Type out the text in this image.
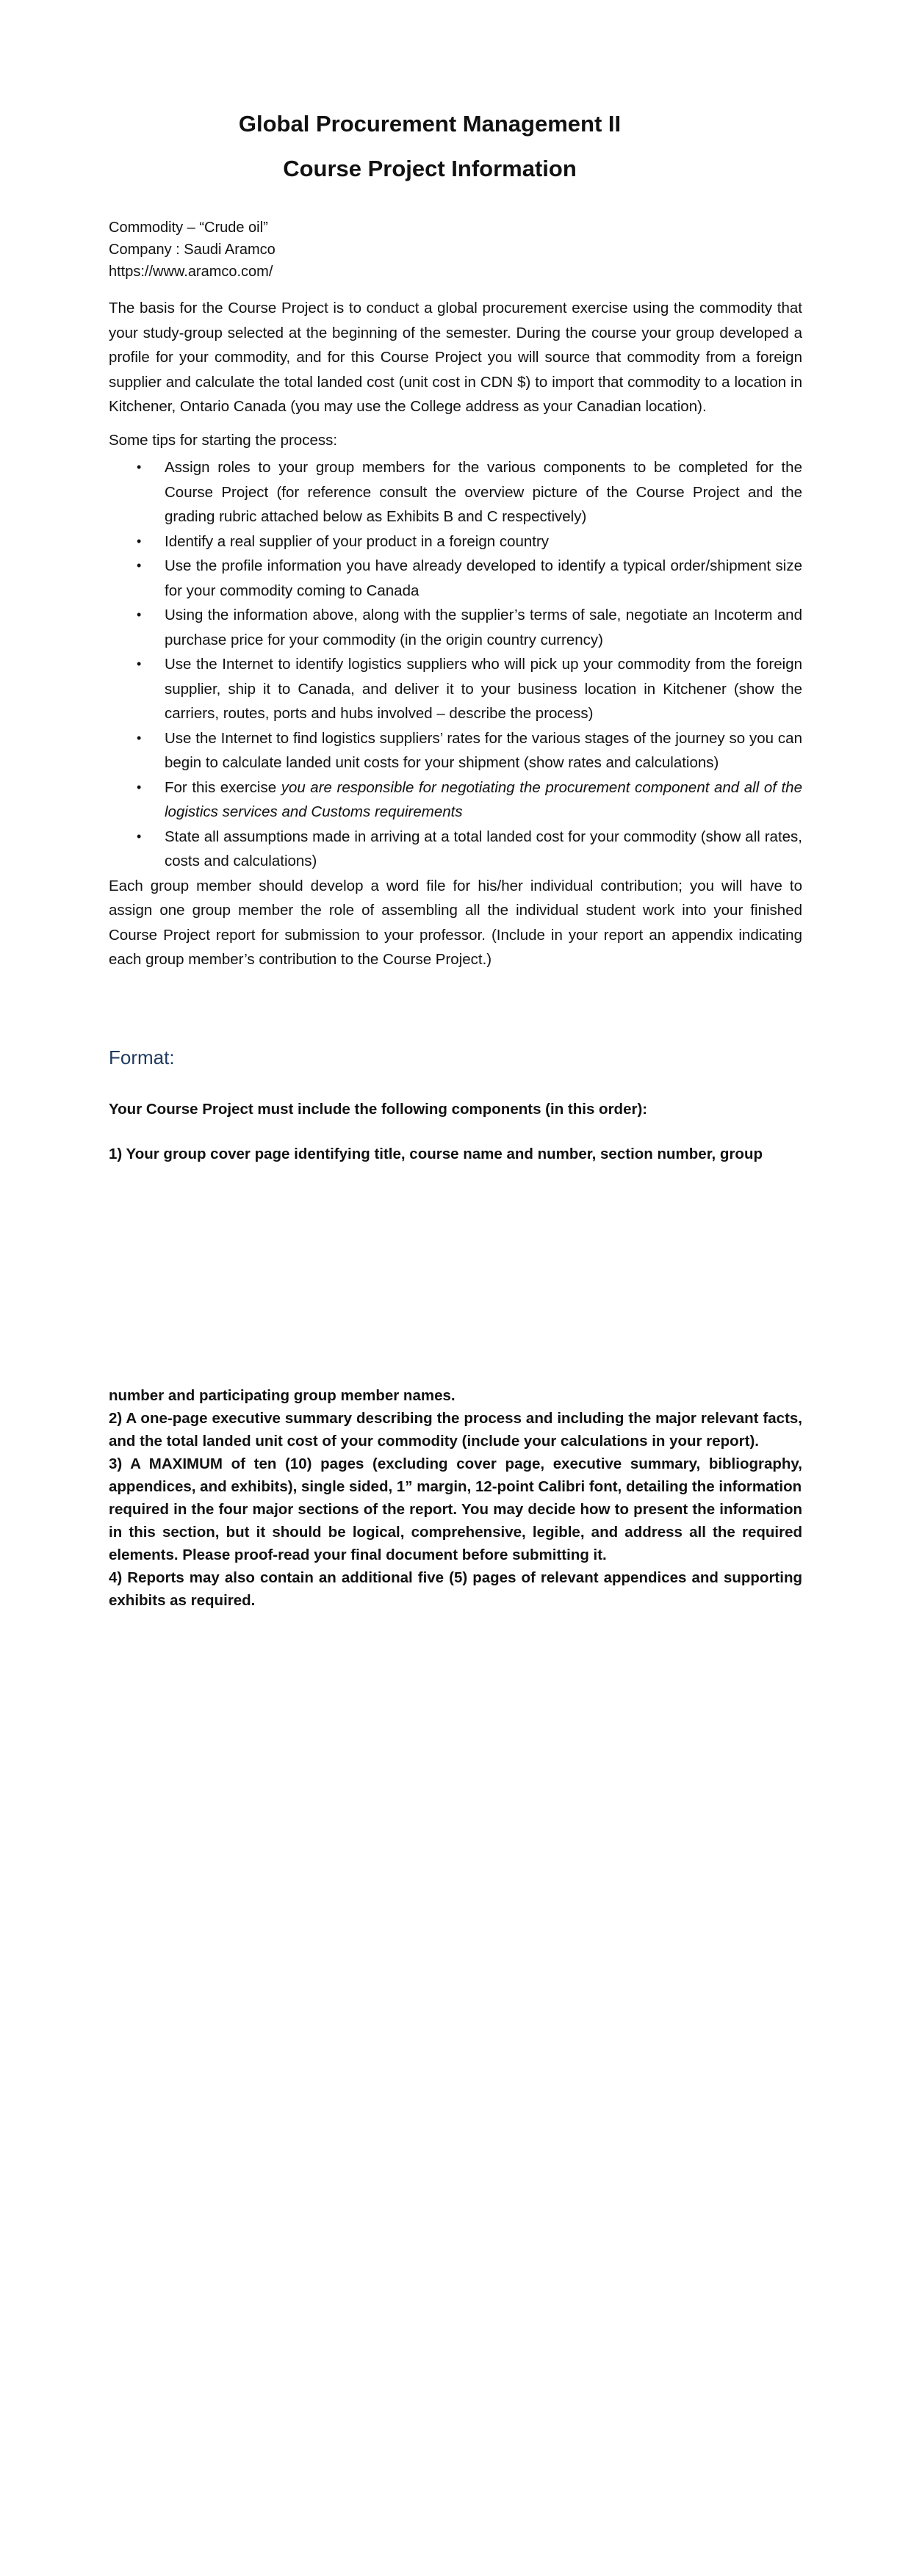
Global Procurement Management II
Course Project Information

Commodity – “Crude oil”

Company : Saudi Aramco

https://www.aramco.com/

The basis for the Course Project is to conduct a global procurement exercise using the commodity that your study-group selected at the beginning of the semester. During the course your group developed a profile for your commodity, and for this Course Project you will source that commodity from a foreign supplier and calculate the total landed cost (unit cost in CDN $) to import that commodity to a location in Kitchener, Ontario Canada (you may use the College address as your Canadian location).

Some tips for starting the process:

• Assign roles to your group members for the various components to be completed for the Course Project (for reference consult the overview picture of the Course Project and the grading rubric attached below as Exhibits B and C respectively)
• Identify a real supplier of your product in a foreign country
• Use the profile information you have already developed to identify a typical order/shipment size for your commodity coming to Canada
• Using the information above, along with the supplier’s terms of sale, negotiate an Incoterm and purchase price for your commodity (in the origin country currency)
• Use the Internet to identify logistics suppliers who will pick up your commodity from the foreign supplier, ship it to Canada, and deliver it to your business location in Kitchener (show the carriers, routes, ports and hubs involved – describe the process)
• Use the Internet to find logistics suppliers’ rates for the various stages of the journey so you can begin to calculate landed unit costs for your shipment (show rates and calculations)
• For this exercise you are responsible for negotiating the procurement component and all of the logistics services and Customs requirements
• State all assumptions made in arriving at a total landed cost for your commodity (show all rates, costs and calculations)

Each group member should develop a word file for his/her individual contribution; you will have to assign one group member the role of assembling all the individual student work into your finished Course Project report for submission to your professor. (Include in your report an appendix indicating each group member’s contribution to the Course Project.)

Format:

Your Course Project must include the following components (in this order):

1) Your group cover page identifying title, course name and number, section number, group

number and participating group member names.

2) A one-page executive summary describing the process and including the major relevant facts, and the total landed unit cost of your commodity (include your calculations in your report).

3) A MAXIMUM of ten (10) pages (excluding cover page, executive summary, bibliography, appendices, and exhibits), single sided, 1” margin, 12-point Calibri font, detailing the information

required in the four major sections of the report. You may decide how to present the information in this section, but it should be logical, comprehensive, legible, and address all the required elements. Please proof-read your final document before submitting it.

4) Reports may also contain an additional five (5) pages of relevant appendices and supporting exhibits as required.
